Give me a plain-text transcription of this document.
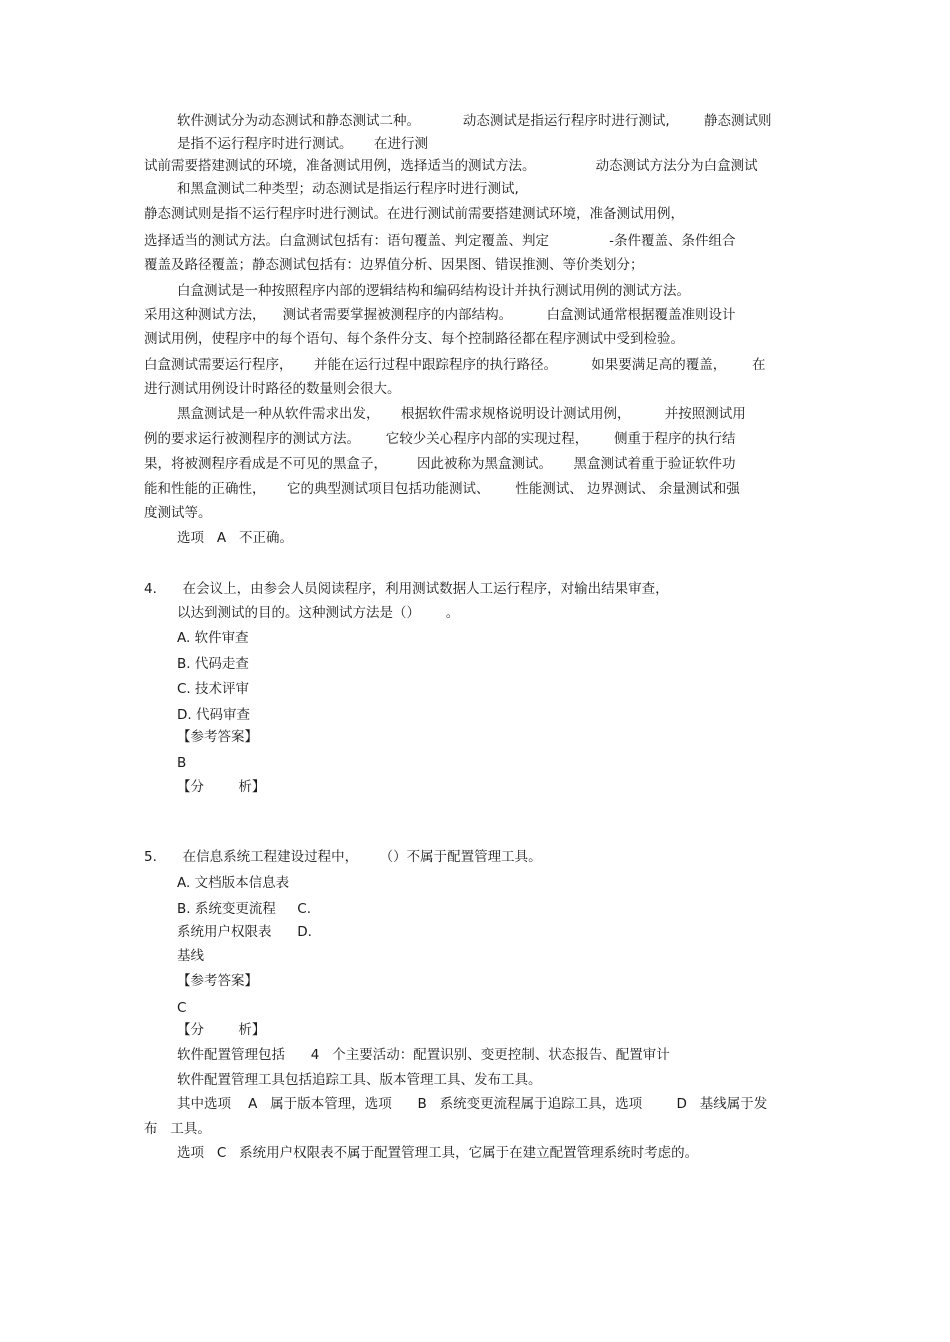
软件测试分为动态测试和静态测试二种。          动态测试是指运行程序时进行测试,        静态测试则

是指不运行程序时进行测试。     在进行测

试前需要搭建测试的环境，准备测试用例，选择适当的测试方法。              动态测试方法分为白盒测试

和黑盒测试二种类型；动态测试是指运行程序时进行测试,

静态测试则是指不运行程序时进行测试。在进行测试前需要搭建测试环境，准备测试用例，

选择适当的测试方法。白盒测试包括有：语句覆盖、判定覆盖、判定              -条件覆盖、条件组合

覆盖及路径覆盖；静态测试包括有：边界值分析、因果图、错误推测、等价类划分；

白盒测试是一种按照程序内部的逻辑结构和编码结构设计并执行测试用例的测试方法。

采用这种测试方法，    测试者需要掌握被测程序的内部结构。        白盒测试通常根据覆盖准则设计

测试用例，使程序中的每个语句、每个条件分支、每个控制路径都在程序测试中受到检验。

白盒测试需要运行程序，     并能在运行过程中跟踪程序的执行路径。        如果要满足高的覆盖，      在

进行测试用例设计时路径的数量则会很大。

黑盒测试是一种从软件需求出发，     根据软件需求规格说明设计测试用例，        并按照测试用

例的要求运行被测程序的测试方法。      它较少关心程序内部的实现过程，      侧重于程序的执行结

果，将被测程序看成是不可见的黑盒子，       因此被称为黑盒测试。     黑盒测试着重于验证软件功

能和性能的正确性，     它的典型测试项目包括功能测试、      性能测试、 边界测试、 余量测试和强

度测试等。

选项   A   不正确。

4.      在会议上，由参会人员阅读程序，利用测试数据人工运行程序，对输出结果审查，

以达到测试的目的。这种测试方法是（）      。

A. 软件审查

B. 代码走查

C. 技术评审

D. 代码审查

【参考答案】

B

【分        析】

5.      在信息系统工程建设过程中，     （）不属于配置管理工具。

A. 文档版本信息表

B. 系统变更流程     C.

系统用户权限表      D.

基线

【参考答案】

C

【分        析】

软件配置管理包括      4   个主要活动：配置识别、变更控制、状态报告、配置审计

软件配置管理工具包括追踪工具、版本管理工具、发布工具。

其中选项    A   属于版本管理，选项      B   系统变更流程属于追踪工具，选项        D   基线属于发

布   工具。

选项   C   系统用户权限表不属于配置管理工具，它属于在建立配置管理系统时考虑的。
